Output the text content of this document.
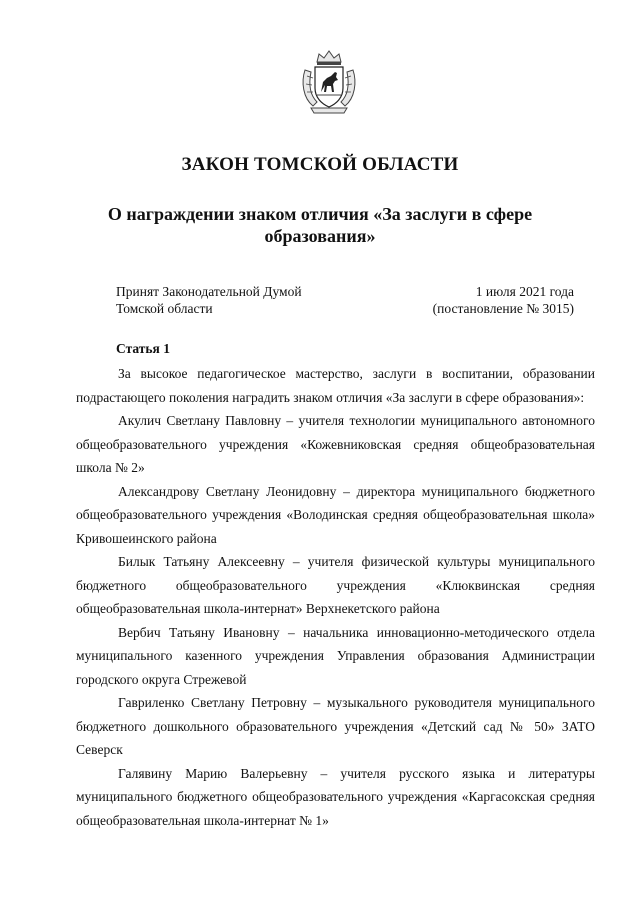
ЗАКОН ТОМСКОЙ ОБЛАСТИ
О награждении знаком отличия «За заслуги в сфере образования»
Принят Законодательной Думой
Томской области
1 июля 2021 года
(постановление № 3015)
Статья 1

За высокое педагогическое мастерство, заслуги в воспитании, образовании подрастающего поколения наградить знаком отличия «За заслуги в сфере образования»:

Акулич Светлану Павловну – учителя технологии муниципального автономного общеобразовательного учреждения «Кожевниковская средняя общеобразовательная школа № 2»

Александрову Светлану Леонидовну – директора муниципального бюджетного общеобразовательного учреждения «Володинская средняя общеобразовательная школа» Кривошеинского района

Билык Татьяну Алексеевну – учителя физической культуры муниципального бюджетного общеобразовательного учреждения «Клюквинская средняя общеобразовательная школа-интернат» Верхнекетского района

Вербич Татьяну Ивановну – начальника инновационно-методического отдела муниципального казенного учреждения Управления образования Администрации городского округа Стрежевой

Гавриленко Светлану Петровну – музыкального руководителя муниципального бюджетного дошкольного образовательного учреждения «Детский сад № 50» ЗАТО Северск

Галявину Марию Валерьевну – учителя русского языка и литературы муниципального бюджетного общеобразовательного учреждения «Каргасокская средняя общеобразовательная школа-интернат № 1»
